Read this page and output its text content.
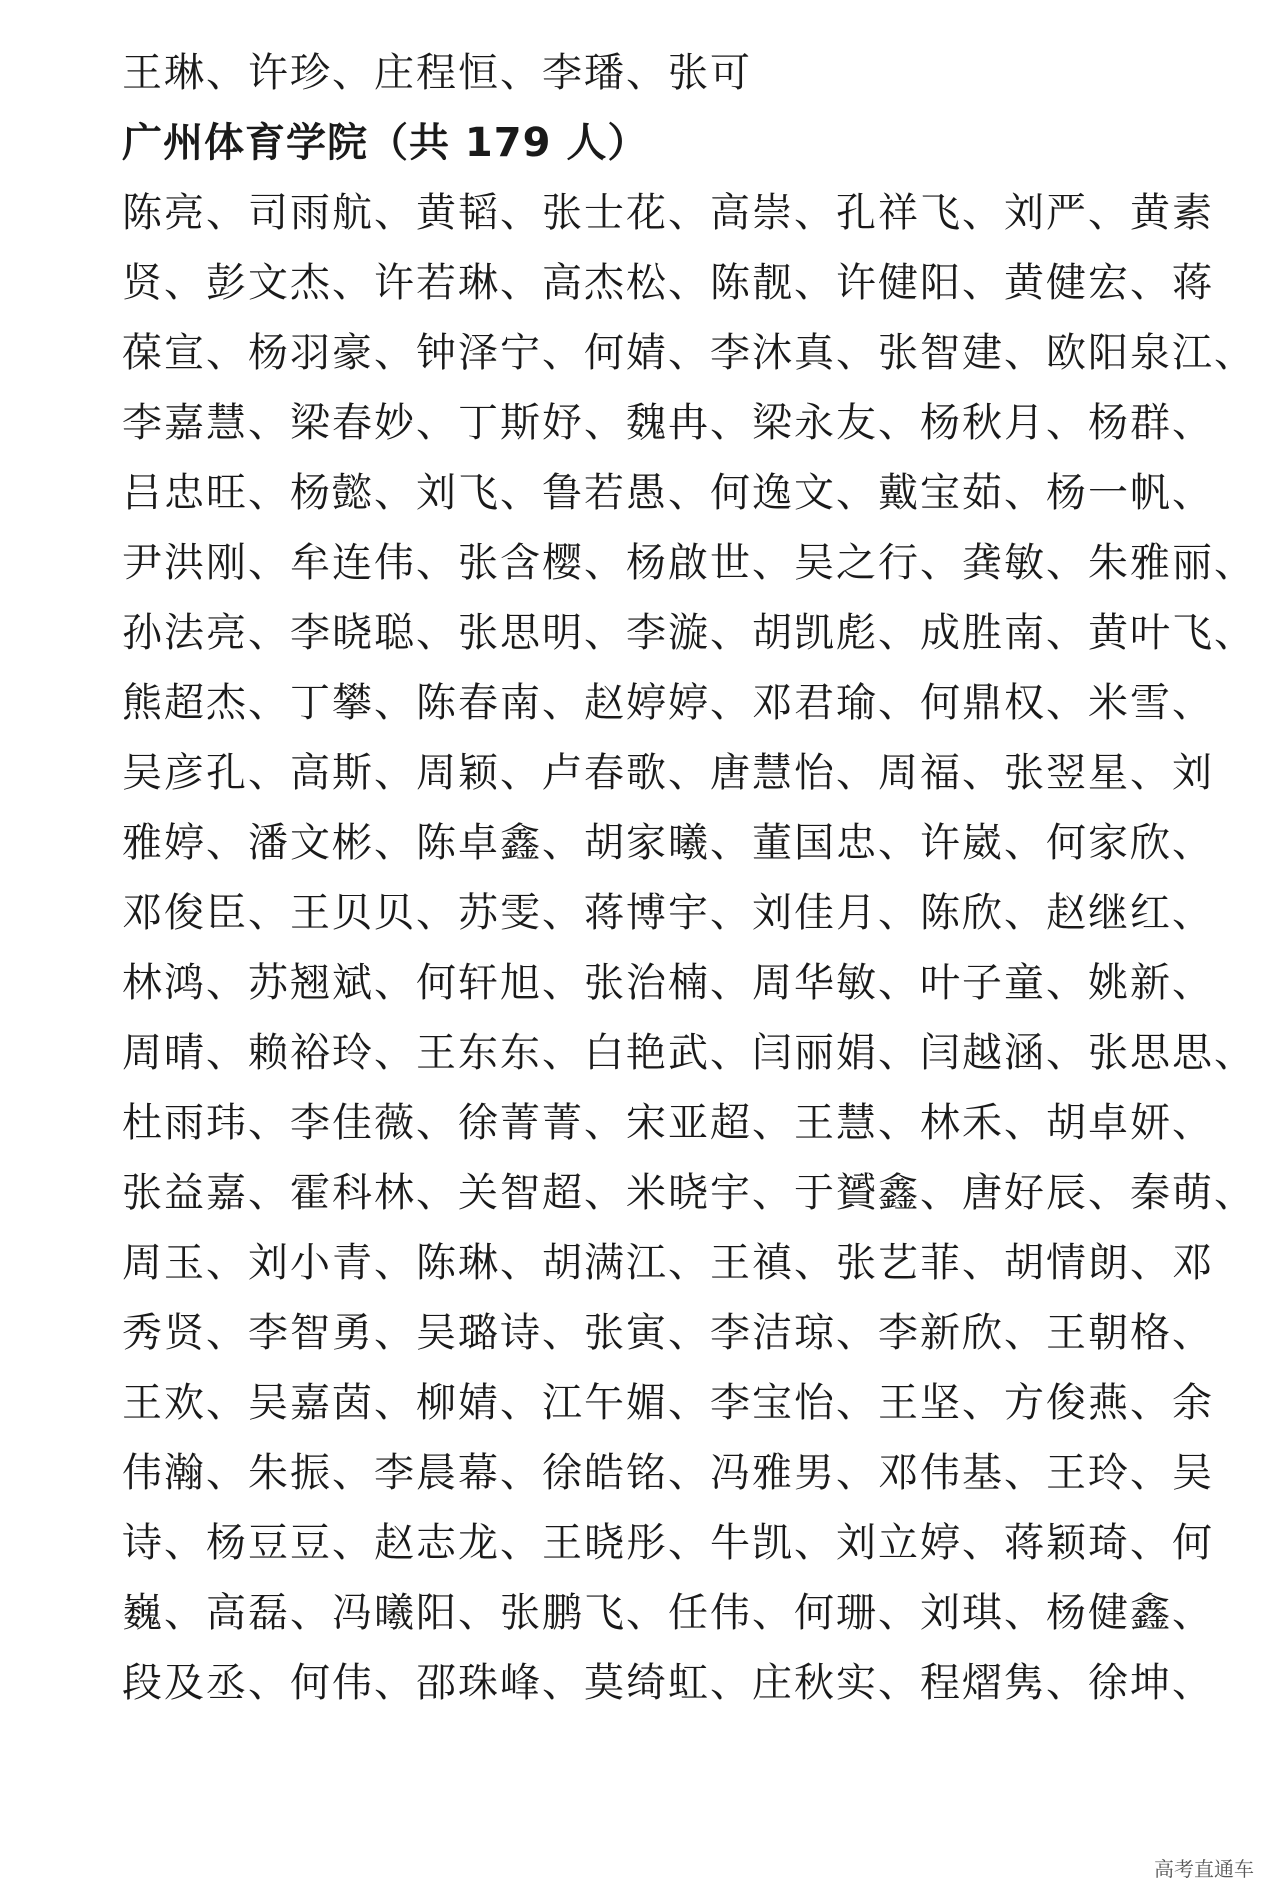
王琳、许珍、庄程恒、李璠、张可
广州体育学院（共 179 人）
陈亮、司雨航、黄韬、张士花、高崇、孔祥飞、刘严、黄素
贤、彭文杰、许若琳、高杰松、陈靓、许健阳、黄健宏、蒋
葆宣、杨羽豪、钟泽宁、何婧、李沐真、张智建、欧阳泉江、
李嘉慧、梁春妙、丁斯妤、魏冉、梁永友、杨秋月、杨群、
吕忠旺、杨懿、刘飞、鲁若愚、何逸文、戴宝茹、杨一帆、
尹洪刚、牟连伟、张含樱、杨啟世、吴之行、龚敏、朱雅丽、
孙法亮、李晓聪、张思明、李漩、胡凯彪、成胜南、黄叶飞、
熊超杰、丁攀、陈春南、赵婷婷、邓君瑜、何鼎权、米雪、
吴彦孔、高斯、周颖、卢春歌、唐慧怡、周福、张翌星、刘
雅婷、潘文彬、陈卓鑫、胡家曦、董国忠、许崴、何家欣、
邓俊臣、王贝贝、苏雯、蒋博宇、刘佳月、陈欣、赵继红、
林鸿、苏翘斌、何轩旭、张治楠、周华敏、叶子童、姚新、
周晴、赖裕玲、王东东、白艳武、闫丽娟、闫越涵、张思思、
杜雨玮、李佳薇、徐菁菁、宋亚超、王慧、林禾、胡卓妍、
张益嘉、霍科林、关智超、米晓宇、于贇鑫、唐好辰、秦萌、
周玉、刘小青、陈琳、胡满江、王禛、张艺菲、胡情朗、邓
秀贤、李智勇、吴璐诗、张寅、李洁琼、李新欣、王朝格、
王欢、吴嘉茵、柳婧、江午媚、李宝怡、王坚、方俊燕、余
伟瀚、朱振、李晨幕、徐皓铭、冯雅男、邓伟基、王玲、吴
诗、杨豆豆、赵志龙、王晓彤、牛凯、刘立婷、蒋颖琦、何
巍、高磊、冯曦阳、张鹏飞、任伟、何珊、刘琪、杨健鑫、
段及丞、何伟、邵珠峰、莫绮虹、庄秋实、程熠隽、徐坤、
高考直通车
